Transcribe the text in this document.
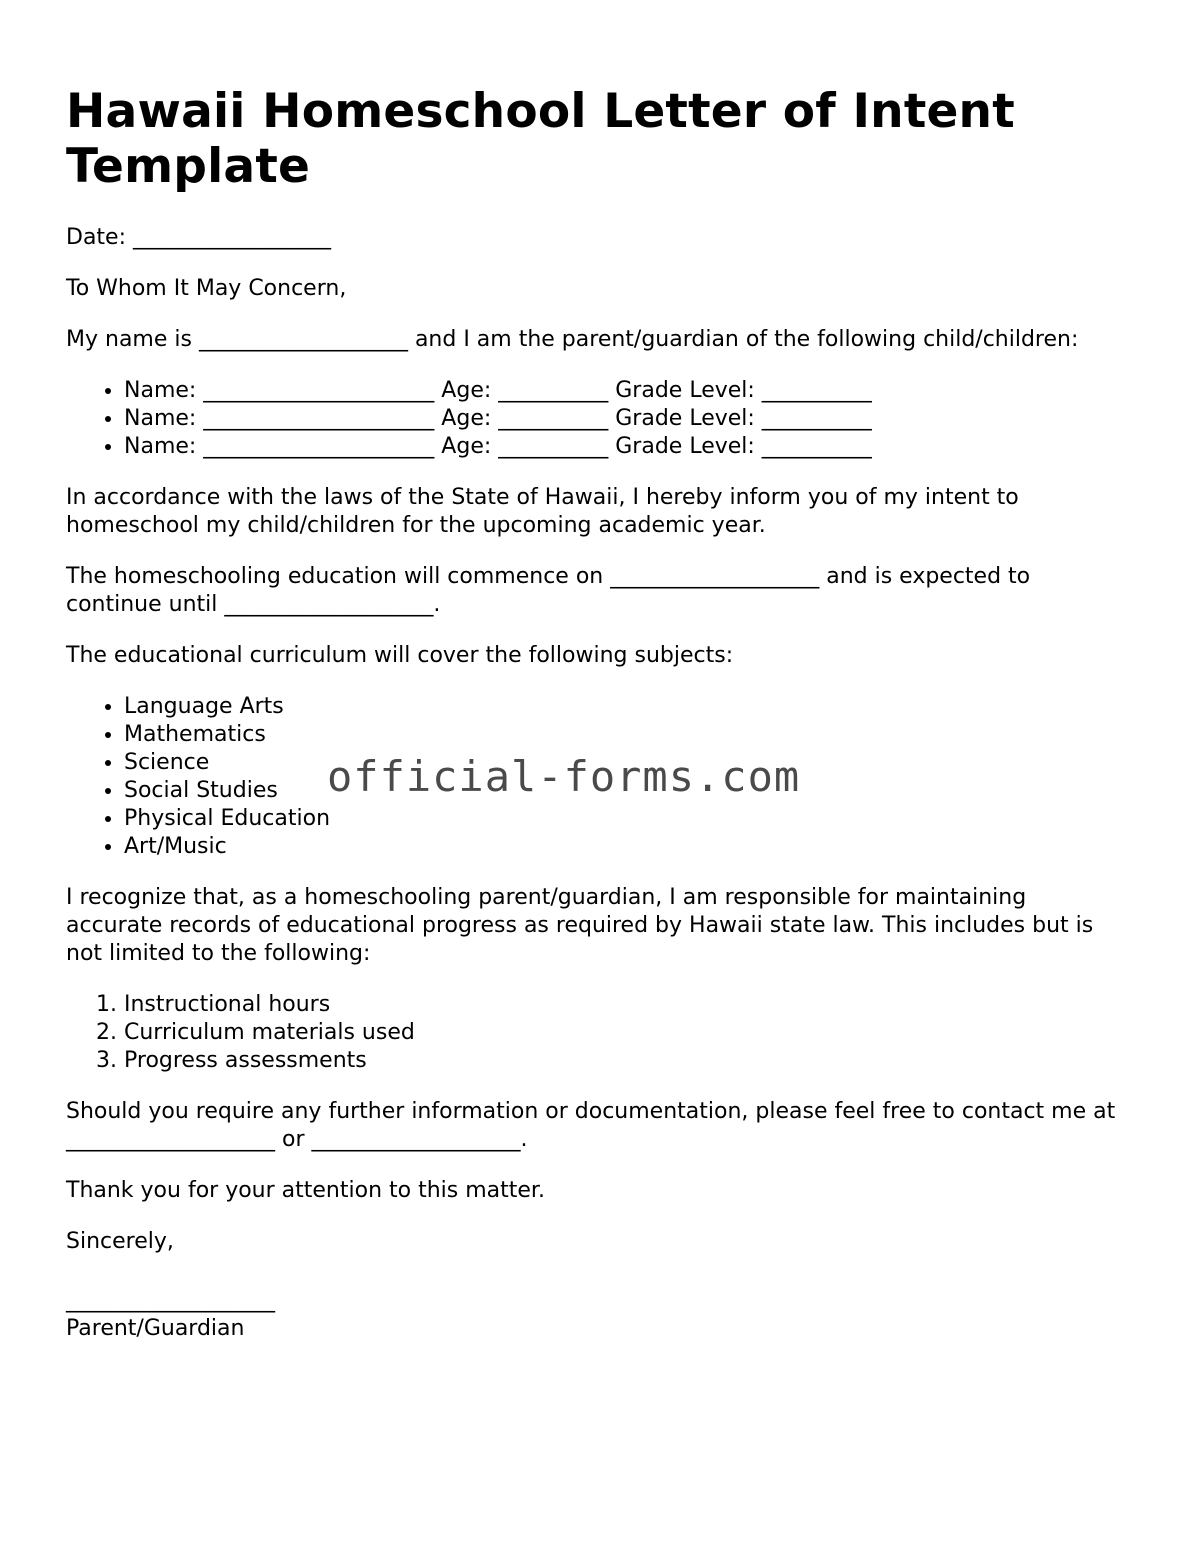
Hawaii Homeschool Letter of Intent Template

Date: __________________

To Whom It May Concern,

My name is ___________________ and I am the parent/guardian of the following child/children:

• Name: _____________________ Age: __________ Grade Level: __________
• Name: _____________________ Age: __________ Grade Level: __________
• Name: _____________________ Age: __________ Grade Level: __________

In accordance with the laws of the State of Hawaii, I hereby inform you of my intent to homeschool my child/children for the upcoming academic year.

The homeschooling education will commence on ___________________ and is expected to continue until ___________________.

The educational curriculum will cover the following subjects:

• Language Arts
• Mathematics
• Science
• Social Studies
• Physical Education
• Art/Music

I recognize that, as a homeschooling parent/guardian, I am responsible for maintaining accurate records of educational progress as required by Hawaii state law. This includes but is not limited to the following:

1. Instructional hours
2. Curriculum materials used
3. Progress assessments

Should you require any further information or documentation, please feel free to contact me at ___________________ or ___________________.

Thank you for your attention to this matter.

Sincerely,

___________________

Parent/Guardian

official-forms.com
